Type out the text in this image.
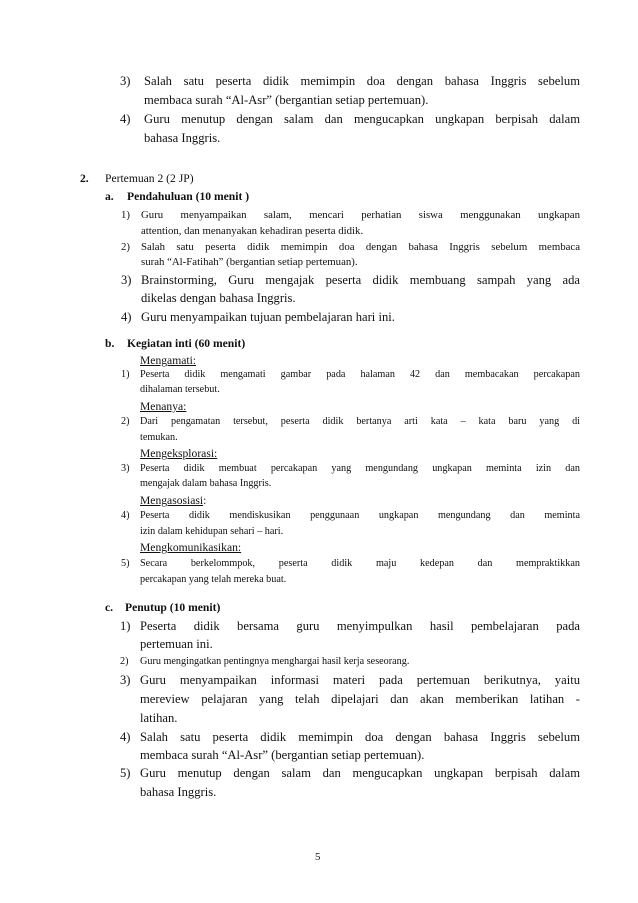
3) Salah satu peserta didik memimpin doa dengan bahasa Inggris sebelum
membaca surah “Al-Asr” (bergantian setiap pertemuan).
4) Guru menutup dengan salam dan mengucapkan ungkapan berpisah dalam
bahasa Inggris.
2. Pertemuan 2 (2 JP)
a. Pendahuluan (10 menit )
1) Guru menyampaikan salam, mencari perhatian siswa menggunakan ungkapan
attention, dan menanyakan kehadiran peserta didik.
2) Salah satu peserta didik memimpin doa dengan bahasa Inggris sebelum membaca
surah “Al-Fatihah” (bergantian setiap pertemuan).
3) Brainstorming, Guru mengajak peserta didik membuang sampah yang ada
dikelas dengan bahasa Inggris.
4) Guru menyampaikan tujuan pembelajaran hari ini.
b. Kegiatan inti (60 menit)
Mengamati:
1) Peserta didik mengamati gambar pada halaman 42 dan membacakan percakapan
dihalaman tersebut.
Menanya:
2) Dari pengamatan tersebut, peserta didik bertanya arti kata – kata baru yang di
temukan.
Mengeksplorasi:
3) Peserta didik membuat percakapan yang mengundang ungkapan meminta izin dan
mengajak dalam bahasa Inggris.
Mengasosiasi:
4) Peserta didik mendiskusikan penggunaan ungkapan mengundang dan meminta
izin dalam kehidupan sehari – hari.
Mengkomunikasikan:
5) Secara berkelommpok, peserta didik maju kedepan dan mempraktikkan
percakapan yang telah mereka buat.
c. Penutup (10 menit)
1) Peserta didik bersama guru menyimpulkan hasil pembelajaran pada
pertemuan ini.
2) Guru mengingatkan pentingnya menghargai hasil kerja seseorang.
3) Guru menyampaikan informasi materi pada pertemuan berikutnya, yaitu
mereview pelajaran yang telah dipelajari dan akan memberikan latihan -
latihan.
4) Salah satu peserta didik memimpin doa dengan bahasa Inggris sebelum
membaca surah “Al-Asr” (bergantian setiap pertemuan).
5) Guru menutup dengan salam dan mengucapkan ungkapan berpisah dalam
bahasa Inggris.
5
